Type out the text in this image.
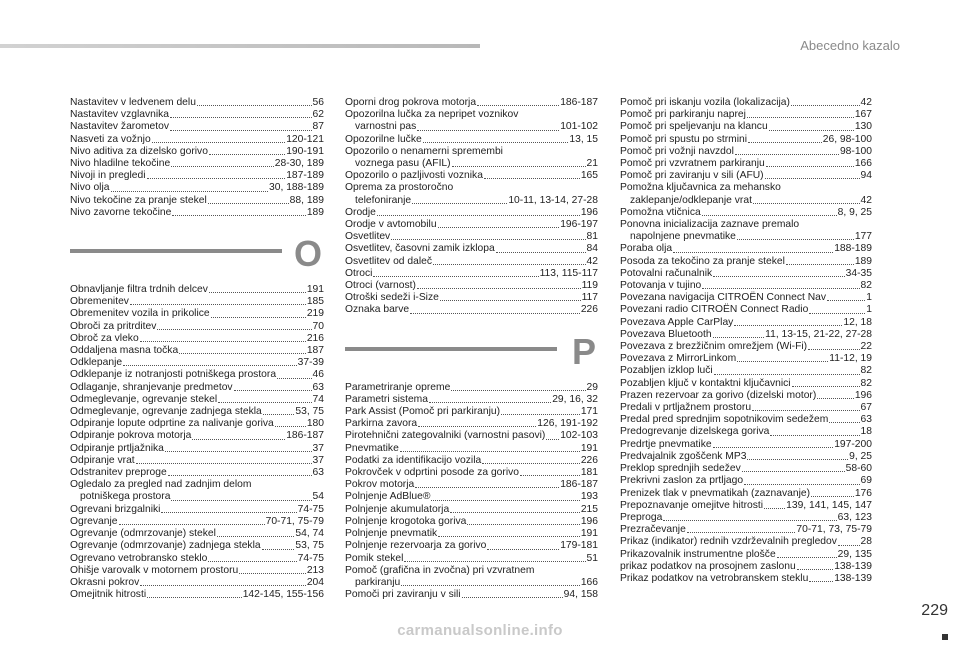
Abecedno kazalo
Nastavitev v ledvenem delu	56
Nastavitev vzglavnika	62
Nastavitev žarometov	87
Nasveti za vožnjo	120-121
Nivo aditiva za dizelsko gorivo	190-191
Nivo hladilne tekočine	28-30, 189
Nivoji in pregledi	187-189
Nivo olja	30, 188-189
Nivo tekočine za pranje stekel	88, 189
Nivo zavorne tekočine	189
O
Obnavljanje filtra trdnih delcev	191
Obremenitev	185
Obremenitev vozila in prikolice	219
Obroči za pritrditev	70
Obroč za vleko	216
Oddaljena masna točka	187
Odklepanje	37-39
Odklepanje iz notranjosti potniškega prostora	46
Odlaganje, shranjevanje predmetov	63
Odmeglevanje, ogrevanje stekel	74
Odmeglevanje, ogrevanje zadnjega stekla	53, 75
Odpiranje lopute odprtine za nalivanje goriva	180
Odpiranje pokrova motorja	186-187
Odpiranje prtljažnika	37
Odpiranje vrat	37
Odstranitev preproge	63
Ogledalo za pregled nad zadnjim delom
potniškega prostora	54
Ogrevani brizgalniki	74-75
Ogrevanje	70-71, 75-79
Ogrevanje (odmrzovanje) stekel	54, 74
Ogrevanje (odmrzovanje) zadnjega stekla	53, 75
Ogrevano vetrobransko steklo	74-75
Ohišje varovalk v motornem prostoru	213
Okrasni pokrov	204
Omejitnik hitrosti	142-145, 155-156
Oporni drog pokrova motorja	186-187
Opozorilna lučka za nepripet voznikov
varnostni pas	101-102
Opozorilne lučke	13, 15
Opozorilo o nenamerni spremembi
voznega pasu (AFIL)	21
Opozorilo o pazljivosti voznika	165
Oprema za prostoročno
telefoniranje	10-11, 13-14, 27-28
Orodje	196
Orodje v avtomobilu	196-197
Osvetlitev	81
Osvetlitev, časovni zamik izklopa	84
Osvetlitev od daleč	42
Otroci	113, 115-117
Otroci (varnost)	119
Otroški sedeži i-Size	117
Oznaka barve	226
P
Parametriranje opreme	29
Parametri sistema	29, 16, 32
Park Assist (Pomoč pri parkiranju)	171
Parkirna zavora	126, 191-192
Pirotehnični zategovalniki (varnostni pasovi) 102-103
Pnevmatike	191
Podatki za identifikacijo vozila	226
Pokrovček v odprtini posode za gorivo	181
Pokrov motorja	186-187
Polnjenje AdBlue®	193
Polnjenje akumulatorja	215
Polnjenje krogotoka goriva	196
Polnjenje pnevmatik	191
Polnjenje rezervoarja za gorivo	179-181
Pomik stekel	51
Pomoč (grafična in zvočna) pri vzvratnem
parkiranju	166
Pomoči pri zaviranju v sili	94, 158
Pomoč pri iskanju vozila (lokalizacija)	42
Pomoč pri parkiranju naprej	167
Pomoč pri speljevanju na klancu	130
Pomoč pri spustu po strmini	26, 98-100
Pomoč pri vožnji navzdol	98-100
Pomoč pri vzvratnem parkiranju	166
Pomoč pri zaviranju v sili (AFU)	94
Pomožna ključavnica za mehansko
zaklepanje/odklepanje vrat	42
Pomožna vtičnica	8, 9, 25
Ponovna inicializacija zaznave premalo
napolnjene pnevmatike	177
Poraba olja	188-189
Posoda za tekočino za pranje stekel	189
Potovalni računalnik	34-35
Potovanja v tujino	82
Povezana navigacija CITROËN Connect Nav	1
Povezani radio CITROËN Connect Radio	1
Povezava Apple CarPlay	12, 18
Povezava Bluetooth	11, 13-15, 21-22, 27-28
Povezava z brezžičnim omrežjem (Wi-Fi)	22
Povezava z MirrorLinkom	11-12, 19
Pozabljen izklop luči	82
Pozabljen ključ v kontaktni ključavnici	82
Prazen rezervoar za gorivo (dizelski motor)	196
Predali v prtljažnem prostoru	67
Predal pred sprednjim sopotnikovim sedežem	63
Predogrevanje dizelskega goriva	18
Predrtje pnevmatike	197-200
Predvajalnik zgoščenk MP3	9, 25
Preklop sprednjih sedežev	58-60
Prekrivni zaslon za prtljago	69
Prenizek tlak v pnevmatikah (zaznavanje)	176
Prepoznavanje omejitve hitrosti 139, 141, 145, 147
Preproga	63, 123
Prezračevanje	70-71, 73, 75-79
Prikaz (indikator) rednih vzdrževalnih pregledov 28
Prikazovalnik instrumentne plošče	29, 135
prikaz podatkov na prosojnem zaslonu	138-139
Prikaz podatkov na vetrobranskem steklu	138-139
carmanualsonline.info
229
